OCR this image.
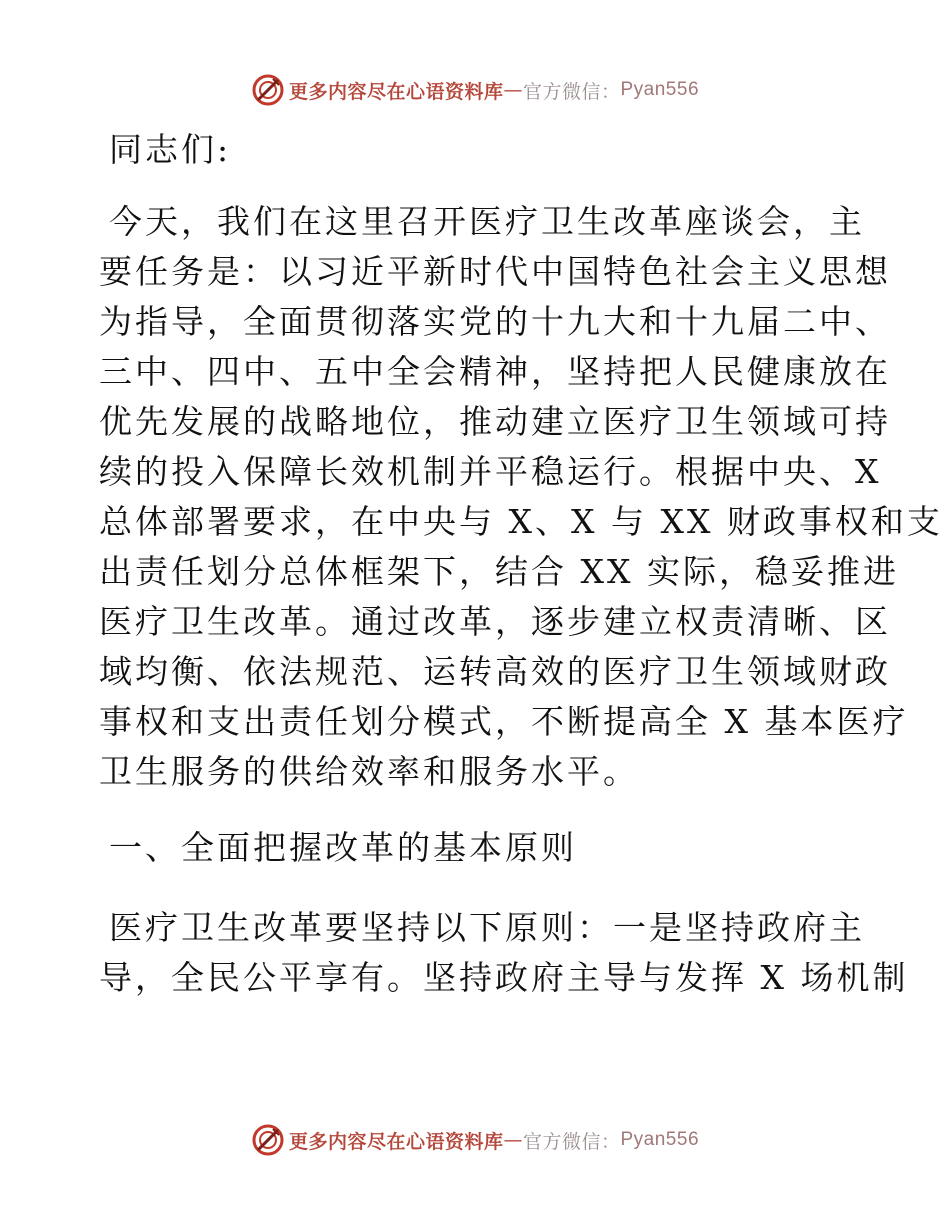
更多内容尽在心语资料库 — 官方微信： Pyan556

同志们:

今天，我们在这里召开医疗卫生改革座谈会，主
要任务是：以习近平新时代中国特色社会主义思想
为指导，全面贯彻落实党的十九大和十九届二中、
三中、四中、五中全会精神，坚持把人民健康放在
优先发展的战略地位，推动建立医疗卫生领域可持
续的投入保障长效机制并平稳运行。根据中央、X
总体部署要求，在中央与 X、X 与 XX 财政事权和支
出责任划分总体框架下，结合 XX 实际，稳妥推进
医疗卫生改革。通过改革，逐步建立权责清晰、区
域均衡、依法规范、运转高效的医疗卫生领域财政
事权和支出责任划分模式，不断提高全 X 基本医疗
卫生服务的供给效率和服务水平。

一、全面把握改革的基本原则

医疗卫生改革要坚持以下原则：一是坚持政府主
导，全民公平享有。坚持政府主导与发挥 X 场机制

更多内容尽在心语资料库 — 官方微信： Pyan556
